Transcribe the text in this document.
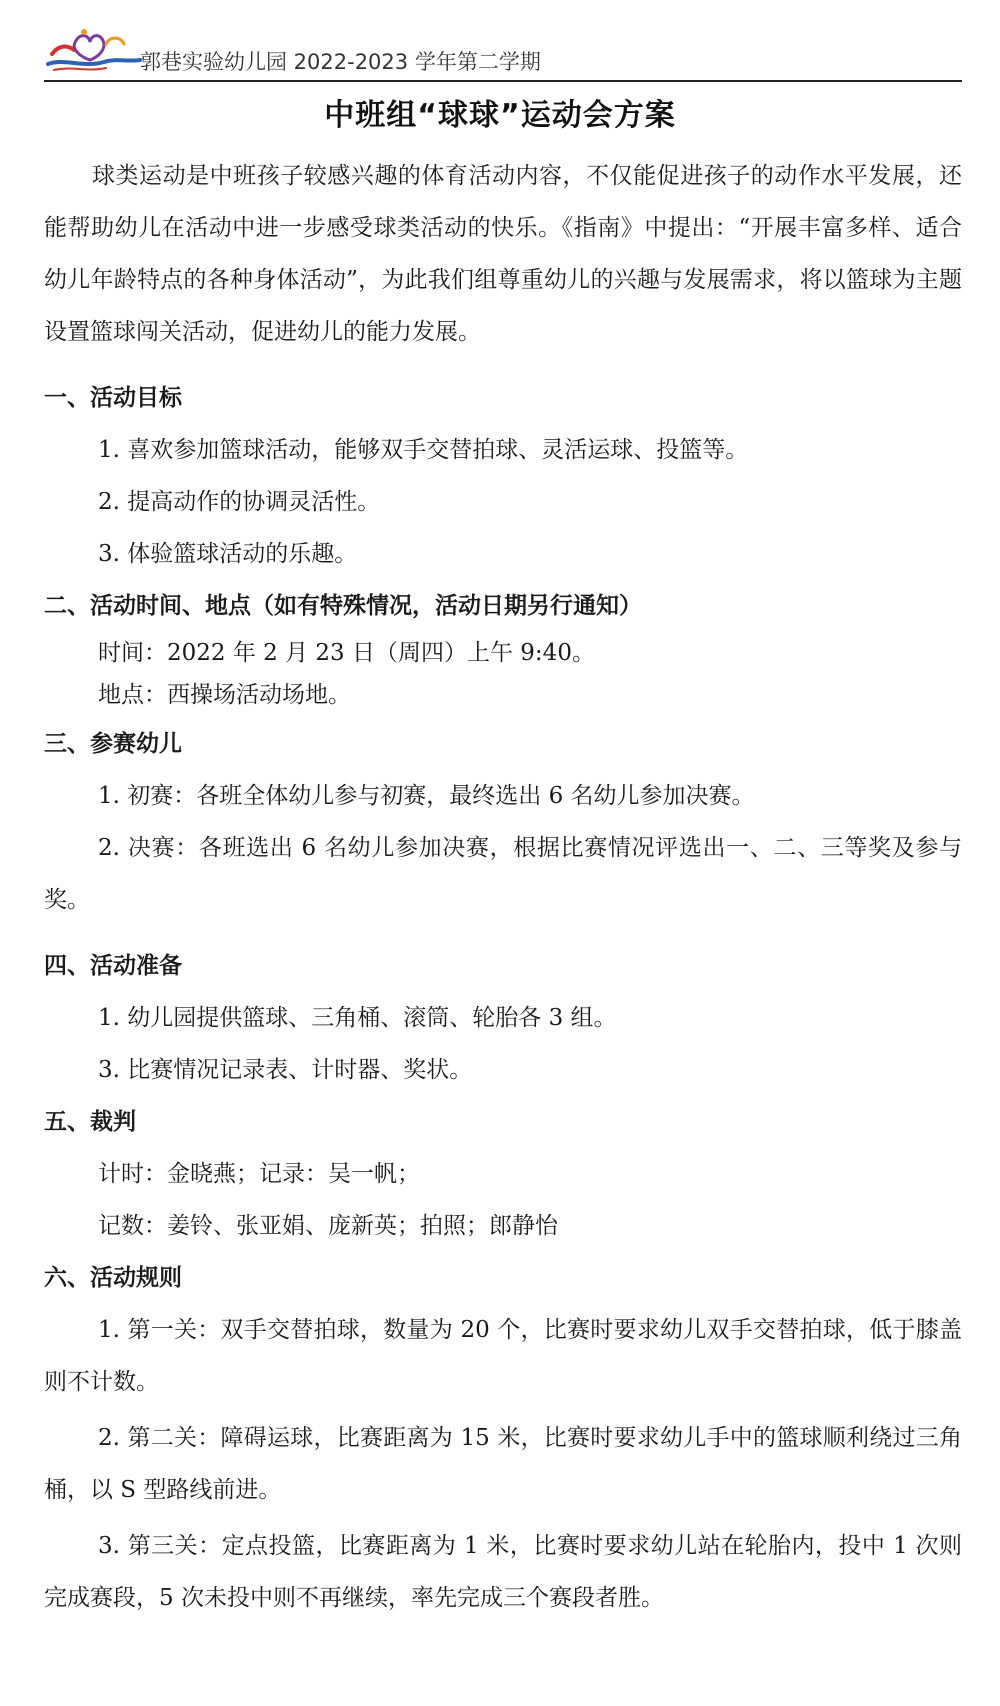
郭巷实验幼儿园 2022-2023 学年第二学期
中班组“球球”运动会方案

球类运动是中班孩子较感兴趣的体育活动内容，不仅能促进孩子的动作水平发展，还能帮助幼儿在活动中进一步感受球类活动的快乐。《指南》中提出：“开展丰富多样、适合幼儿年龄特点的各种身体活动”，为此我们组尊重幼儿的兴趣与发展需求，将以篮球为主题设置篮球闯关活动，促进幼儿的能力发展。

一、活动目标

1. 喜欢参加篮球活动，能够双手交替拍球、灵活运球、投篮等。

2. 提高动作的协调灵活性。

3. 体验篮球活动的乐趣。

二、活动时间、地点（如有特殊情况，活动日期另行通知）

时间：2022 年 2 月 23 日（周四）上午 9:40。

地点：西操场活动场地。

三、参赛幼儿

1. 初赛：各班全体幼儿参与初赛，最终选出 6 名幼儿参加决赛。

2. 决赛：各班选出 6 名幼儿参加决赛，根据比赛情况评选出一、二、三等奖及参与奖。

四、活动准备

1. 幼儿园提供篮球、三角桶、滚筒、轮胎各 3 组。

3. 比赛情况记录表、计时器、奖状。

五、裁判

计时：金晓燕；记录：吴一帆；

记数：姜铃、张亚娟、庞新英；拍照；郎静怡

六、活动规则

1. 第一关：双手交替拍球，数量为 20 个，比赛时要求幼儿双手交替拍球，低于膝盖则不计数。

2. 第二关：障碍运球，比赛距离为 15 米，比赛时要求幼儿手中的篮球顺利绕过三角桶，以 S 型路线前进。

3. 第三关：定点投篮，比赛距离为 1 米，比赛时要求幼儿站在轮胎内，投中 1 次则完成赛段，5 次未投中则不再继续，率先完成三个赛段者胜。
